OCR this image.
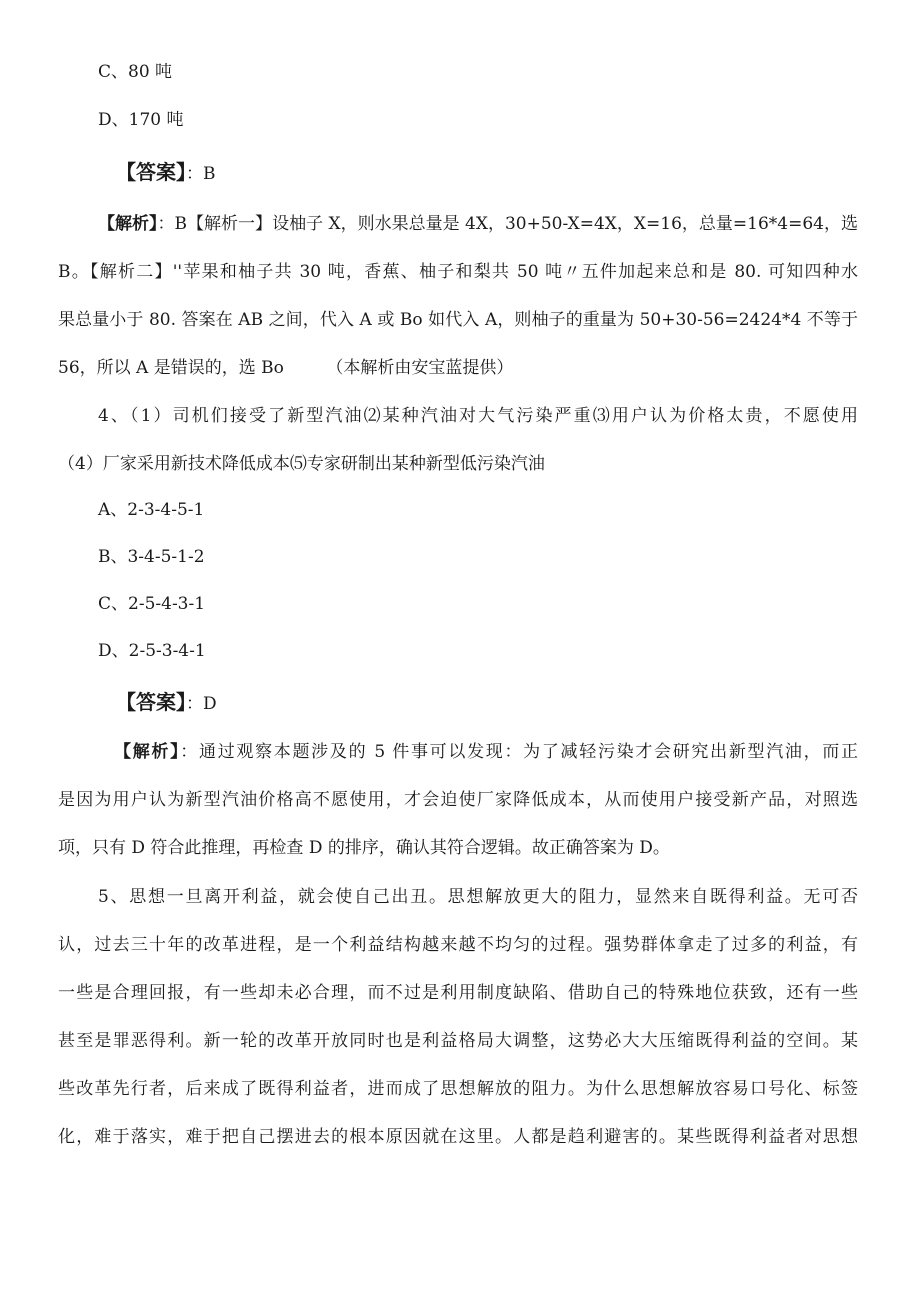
C、80 吨
D、170 吨
【答案】：B
【解析】：B【解析一】设柚子 X，则水果总量是 4X，30+50-X=4X，X=16，总量=16*4=64，选
B。【解析二】''苹果和柚子共 30 吨，香蕉、柚子和梨共 50 吨〃五件加起来总和是 80. 可知四种水
果总量小于 80. 答案在 AB 之间，代入 A 或 Bo 如代入 A，则柚子的重量为 50+30-56=2424*4 不等于
56，所以 A 是错误的，选 Bo　　　（本解析由安宝蓝提供）
4、（1）司机们接受了新型汽油⑵某种汽油对大气污染严重⑶用户认为价格太贵，不愿使用
（4）厂家采用新技术降低成本⑸专家研制出某种新型低污染汽油
A、2-3-4-5-1
B、3-4-5-1-2
C、2-5-4-3-1
D、2-5-3-4-1
【答案】：D
【解析】：通过观察本题涉及的 5 件事可以发现：为了减轻污染才会研究出新型汽油，而正
是因为用户认为新型汽油价格高不愿使用，才会迫使厂家降低成本，从而使用户接受新产品，对照选
项，只有 D 符合此推理，再检查 D 的排序，确认其符合逻辑。故正确答案为 D。
5、思想一旦离开利益，就会使自己出丑。思想解放更大的阻力，显然来自既得利益。无可否
认，过去三十年的改革进程，是一个利益结构越来越不均匀的过程。强势群体拿走了过多的利益，有
一些是合理回报，有一些却未必合理，而不过是利用制度缺陷、借助自己的特殊地位获致，还有一些
甚至是罪恶得利。新一轮的改革开放同时也是利益格局大调整，这势必大大压缩既得利益的空间。某
些改革先行者，后来成了既得利益者，进而成了思想解放的阻力。为什么思想解放容易口号化、标签
化，难于落实，难于把自己摆进去的根本原因就在这里。人都是趋利避害的。某些既得利益者对思想
